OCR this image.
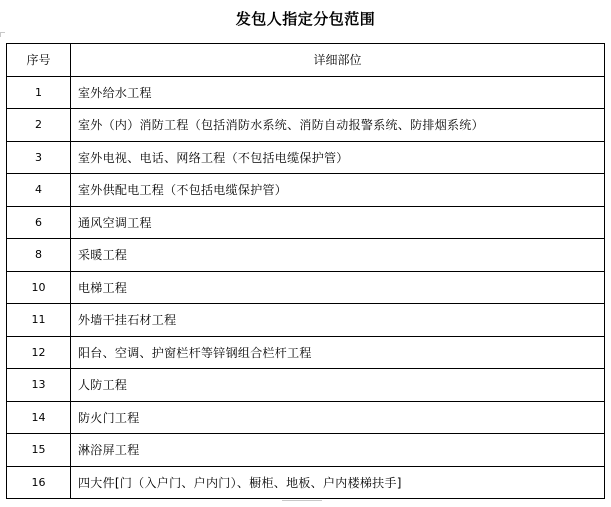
发包人指定分包范围
序号	详细部位
1	室外给水工程
2	室外（内）消防工程（包括消防水系统、消防自动报警系统、防排烟系统）
3	室外电视、电话、网络工程（不包括电缆保护管）
4	室外供配电工程（不包括电缆保护管）
6	通风空调工程
8	采暖工程
10	电梯工程
11	外墙干挂石材工程
12	阳台、空调、护窗栏杆等锌钢组合栏杆工程
13	人防工程
14	防火门工程
15	淋浴屏工程
16	四大件[门（入户门、户内门）、橱柜、地板、户内楼梯扶手]
